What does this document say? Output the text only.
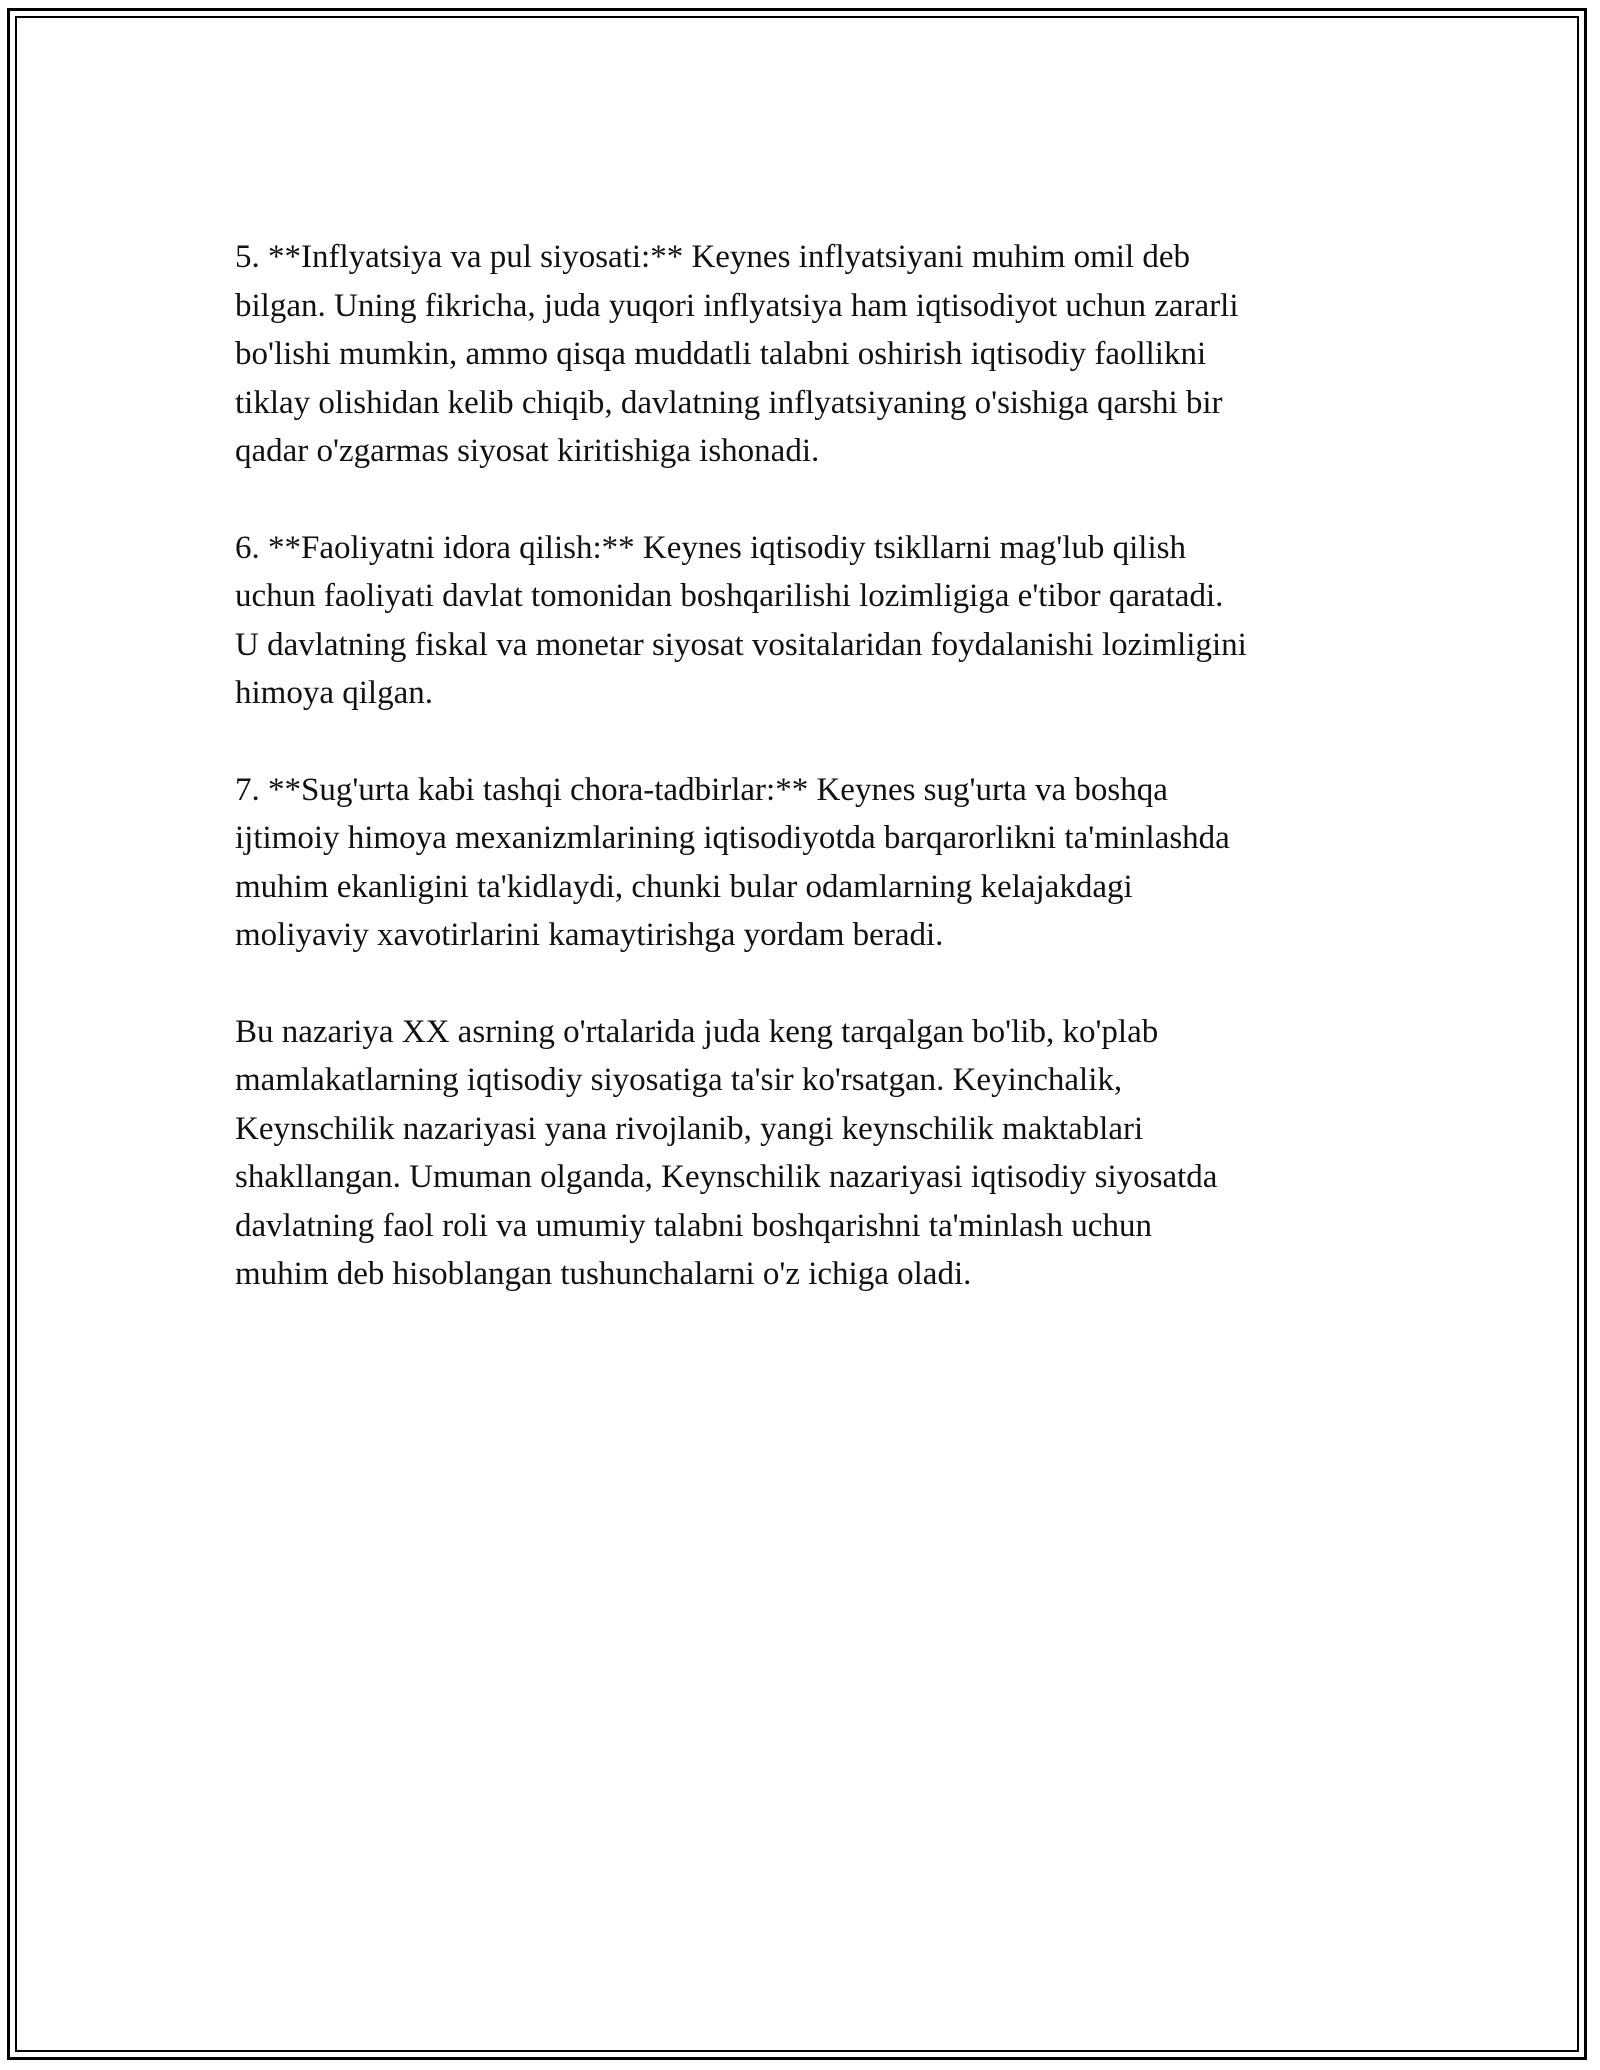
5. **Inflyatsiya va pul siyosati:** Keynes inflyatsiyani muhim omil deb
bilgan. Uning fikricha, juda yuqori inflyatsiya ham iqtisodiyot uchun zararli
bo'lishi mumkin, ammo qisqa muddatli talabni oshirish iqtisodiy faollikni
tiklay olishidan kelib chiqib, davlatning inflyatsiyaning o'sishiga qarshi bir
qadar o'zgarmas siyosat kiritishiga ishonadi.

6. **Faoliyatni idora qilish:** Keynes iqtisodiy tsikllarni mag'lub qilish
uchun faoliyati davlat tomonidan boshqarilishi lozimligiga e'tibor qaratadi.
U davlatning fiskal va monetar siyosat vositalaridan foydalanishi lozimligini
himoya qilgan.

7. **Sug'urta kabi tashqi chora-tadbirlar:** Keynes sug'urta va boshqa
ijtimoiy himoya mexanizmlarining iqtisodiyotda barqarorlikni ta'minlashda
muhim ekanligini ta'kidlaydi, chunki bular odamlarning kelajakdagi
moliyaviy xavotirlarini kamaytirishga yordam beradi.

Bu nazariya XX asrning o'rtalarida juda keng tarqalgan bo'lib, ko'plab
mamlakatlarning iqtisodiy siyosatiga ta'sir ko'rsatgan. Keyinchalik,
Keynschilik nazariyasi yana rivojlanib, yangi keynschilik maktablari
shakllangan. Umuman olganda, Keynschilik nazariyasi iqtisodiy siyosatda
davlatning faol roli va umumiy talabni boshqarishni ta'minlash uchun
muhim deb hisoblangan tushunchalarni o'z ichiga oladi.
